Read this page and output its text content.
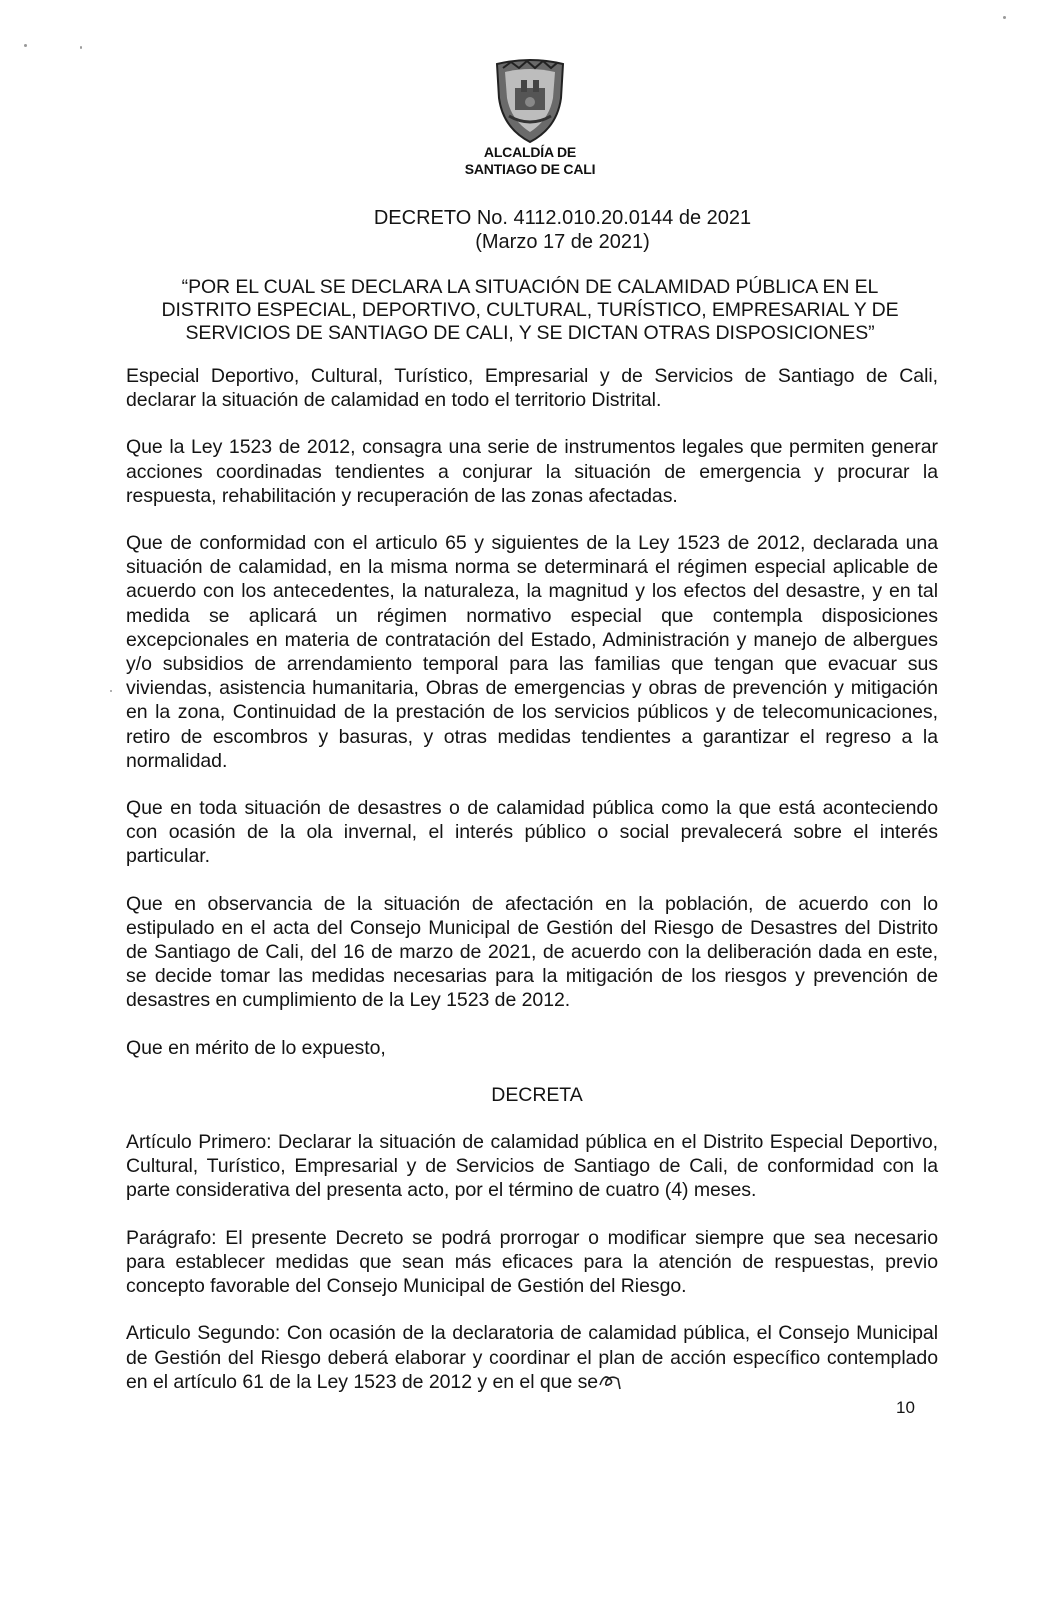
ALCALDÍA DE
SANTIAGO DE CALI
DECRETO No. 4112.010.20.0144 de 2021
(Marzo 17 de 2021)
“POR EL CUAL SE DECLARA LA SITUACIÓN DE CALAMIDAD PÚBLICA EN EL
DISTRITO ESPECIAL, DEPORTIVO, CULTURAL, TURÍSTICO, EMPRESARIAL Y DE
SERVICIOS DE SANTIAGO DE CALI, Y SE DICTAN OTRAS DISPOSICIONES”

Especial Deportivo, Cultural, Turístico, Empresarial y de Servicios de Santiago de Cali, declarar la situación de calamidad en todo el territorio Distrital.

Que la Ley 1523 de 2012, consagra una serie de instrumentos legales que permiten generar acciones coordinadas tendientes a conjurar la situación de emergencia y procurar la respuesta, rehabilitación y recuperación de las zonas afectadas.

Que de conformidad con el articulo 65 y siguientes de la Ley 1523 de 2012, declarada una situación de calamidad, en la misma norma se determinará el régimen especial aplicable de acuerdo con los antecedentes, la naturaleza, la magnitud y los efectos del desastre, y en tal medida se aplicará un régimen normativo especial que contempla disposiciones excepcionales en materia de contratación del Estado, Administración y manejo de albergues y/o subsidios de arrendamiento temporal para las familias que tengan que evacuar sus viviendas, asistencia humanitaria, Obras de emergencias y obras de prevención y mitigación en la zona, Continuidad de la prestación de los servicios públicos y de telecomunicaciones, retiro de escombros y basuras, y otras medidas tendientes a garantizar el regreso a la normalidad.

Que en toda situación de desastres o de calamidad pública como la que está aconteciendo con ocasión de la ola invernal, el interés público o social prevalecerá sobre el interés particular.

Que en observancia de la situación de afectación en la población, de acuerdo con lo estipulado en el acta del Consejo Municipal de Gestión del Riesgo de Desastres del Distrito de Santiago de Cali, del 16 de marzo de 2021, de acuerdo con la deliberación dada en este, se decide tomar las medidas necesarias para la mitigación de los riesgos y prevención de desastres en cumplimiento de la Ley 1523 de 2012.

Que en mérito de lo expuesto,

DECRETA

Artículo Primero: Declarar la situación de calamidad pública en el Distrito Especial Deportivo, Cultural, Turístico, Empresarial y de Servicios de Santiago de Cali, de conformidad con la parte considerativa del presenta acto, por el término de cuatro (4) meses.

Parágrafo: El presente Decreto se podrá prorrogar o modificar siempre que sea necesario para establecer medidas que sean más eficaces para la atención de respuestas, previo concepto favorable del Consejo Municipal de Gestión del Riesgo.

Articulo Segundo: Con ocasión de la declaratoria de calamidad pública, el Consejo Municipal de Gestión del Riesgo deberá elaborar y coordinar el plan de acción específico contemplado en el artículo 61 de la Ley 1523 de 2012 y en el que se

10
